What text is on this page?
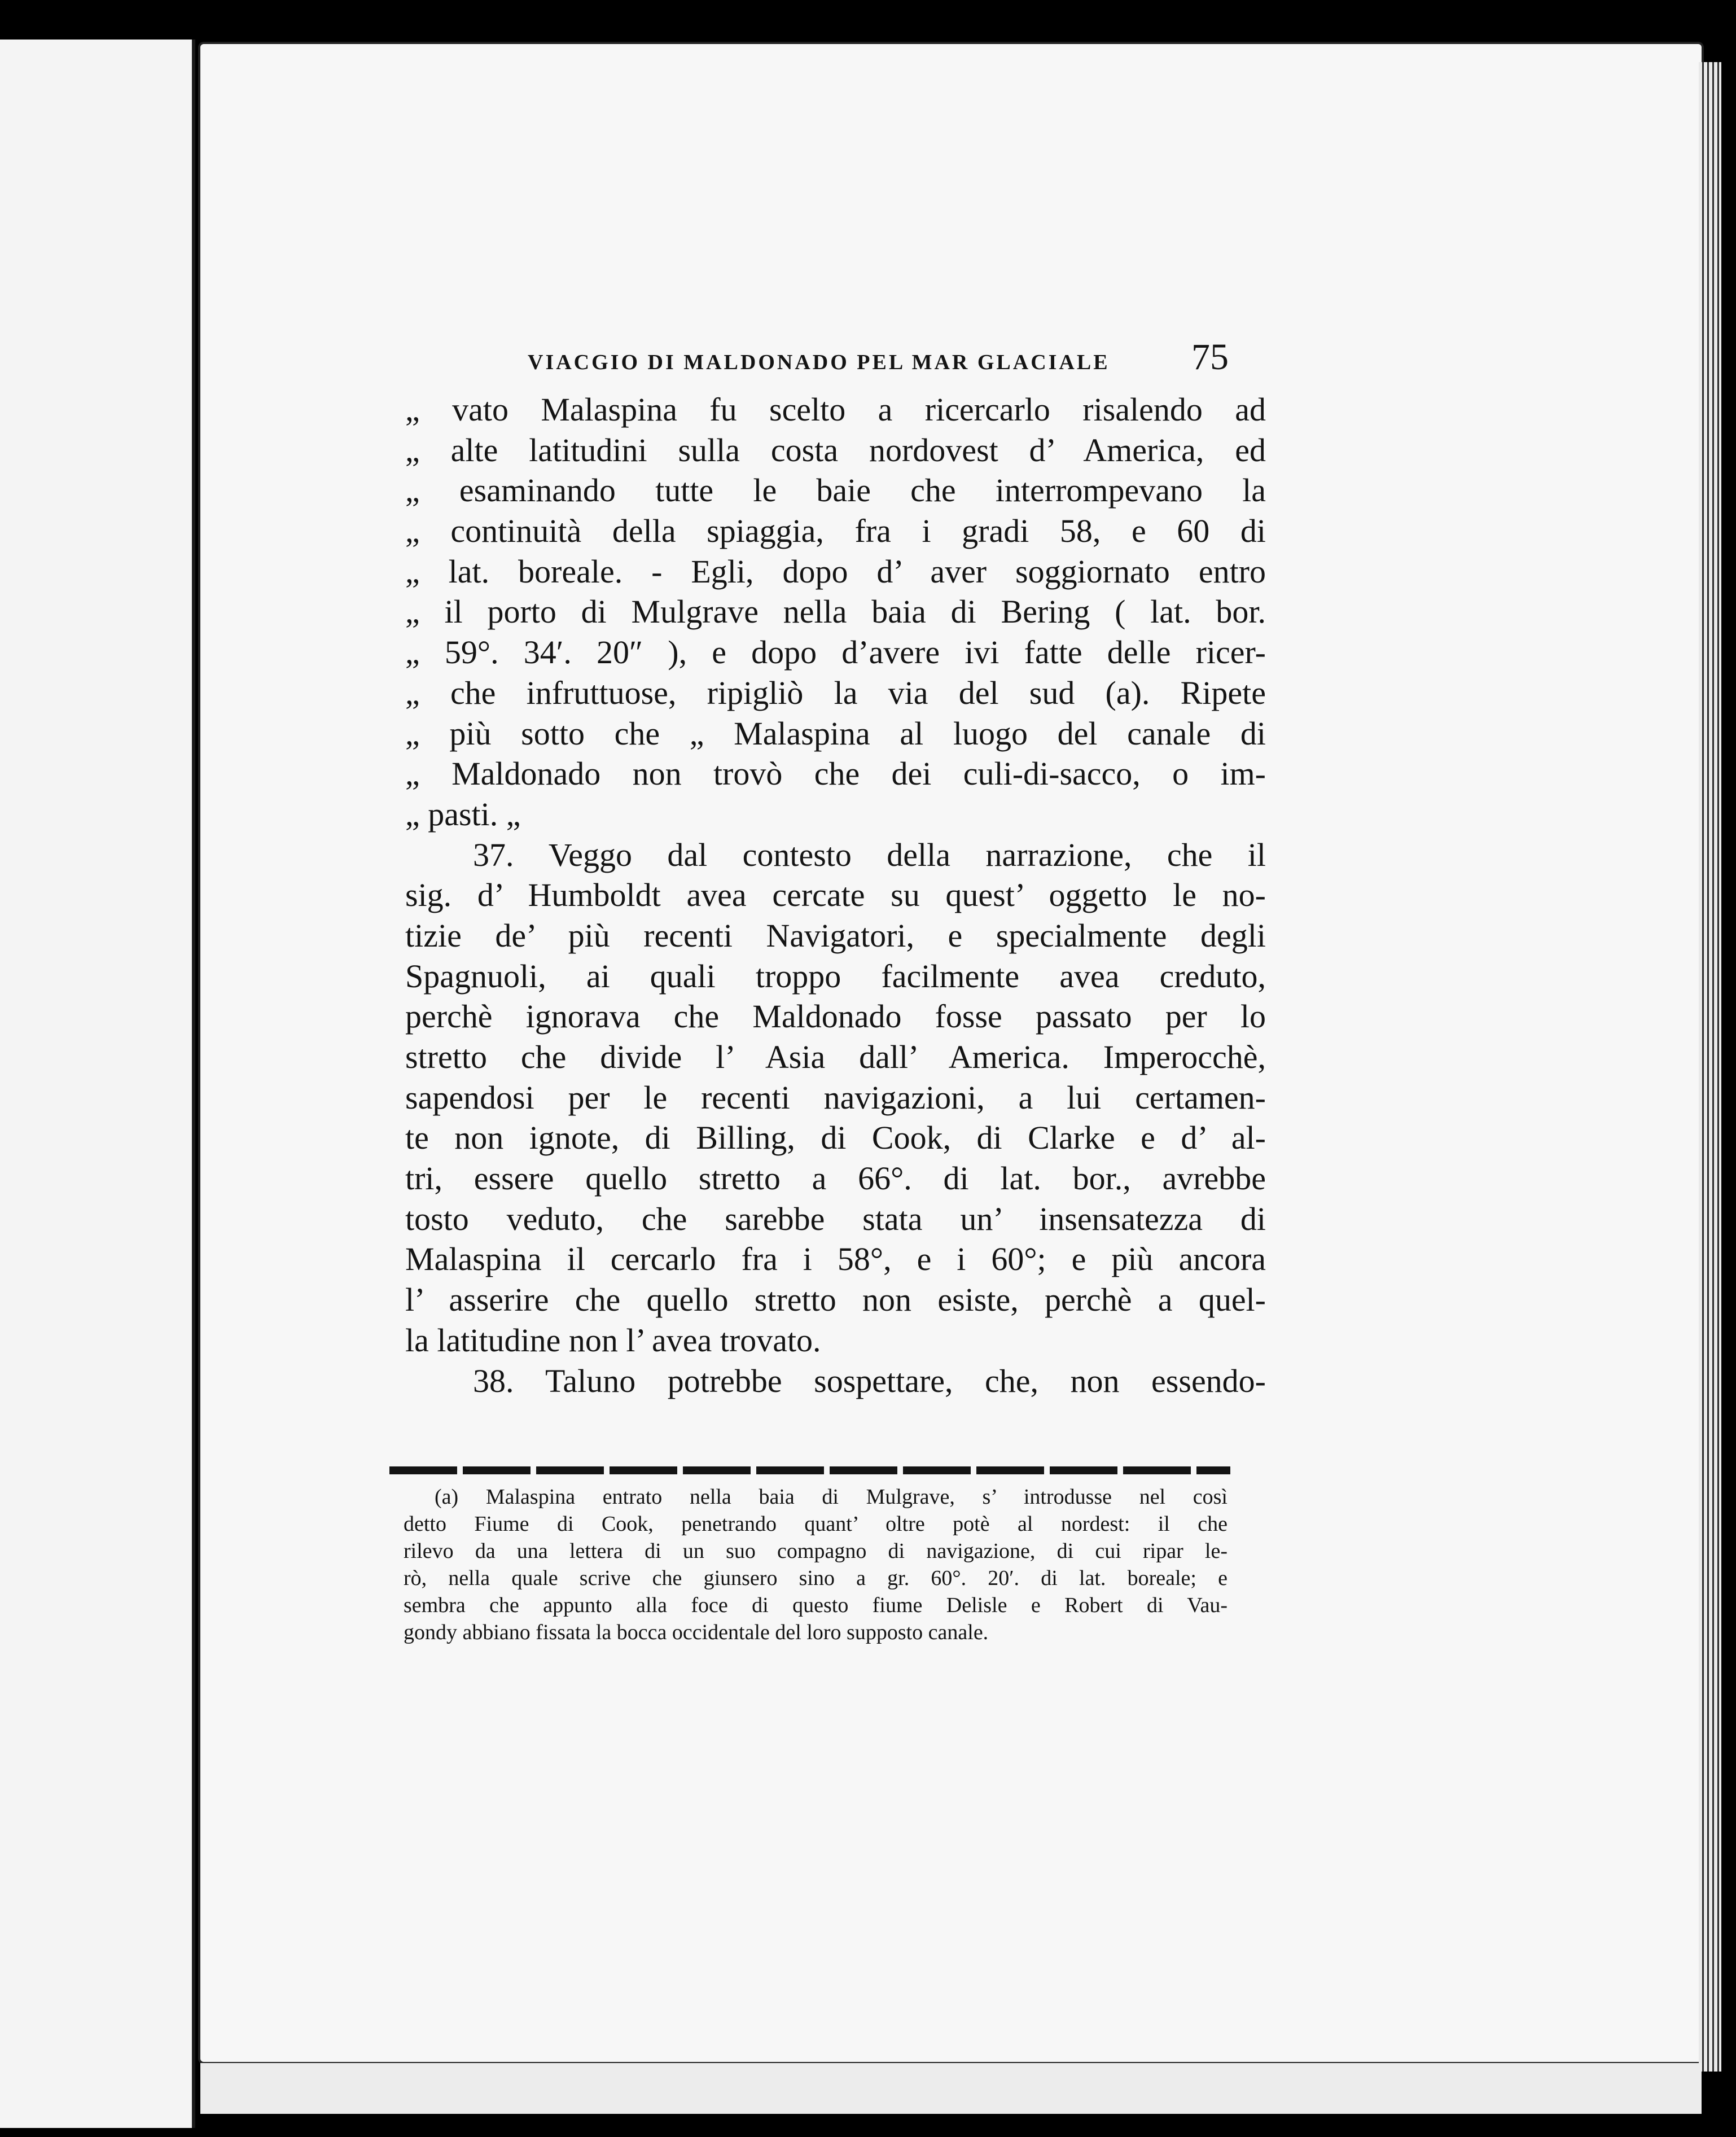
VIACGIO DI MALDONADO PEL MAR GLACIALE 75
„ vato Malaspina fu scelto a ricercarlo risalendo ad
„ alte latitudini sulla costa nordovest d’ America, ed
„ esaminando tutte le baie che interrompevano la
„ continuità della spiaggia, fra i gradi 58, e 60 di
„ lat. boreale. - Egli, dopo d’ aver soggiornato entro
„ il porto di Mulgrave nella baia di Bering ( lat. bor.
„ 59°. 34′. 20″ ), e dopo d’avere ivi fatte delle ricer-
„ che infruttuose, ripigliò la via del sud (a). Ripete
„ più sotto che „ Malaspina al luogo del canale di
„ Maldonado non trovò che dei culi-di-sacco, o im-
„ pasti. „
37. Veggo dal contesto della narrazione, che il
sig. d’ Humboldt avea cercate su quest’ oggetto le no-
tizie de’ più recenti Navigatori, e specialmente degli
Spagnuoli, ai quali troppo facilmente avea creduto,
perchè ignorava che Maldonado fosse passato per lo
stretto che divide l’ Asia dall’ America. Imperocchè,
sapendosi per le recenti navigazioni, a lui certamen-
te non ignote, di Billing, di Cook, di Clarke e d’ al-
tri, essere quello stretto a 66°. di lat. bor., avrebbe
tosto veduto, che sarebbe stata un’ insensatezza di
Malaspina il cercarlo fra i 58°, e i 60°; e più ancora
l’ asserire che quello stretto non esiste, perchè a quel-
la latitudine non l’ avea trovato.
38. Taluno potrebbe sospettare, che, non essendo-
(a) Malaspina entrato nella baia di Mulgrave, s’ introdusse nel così
detto Fiume di Cook, penetrando quant’ oltre potè al nordest: il che
rilevo da una lettera di un suo compagno di navigazione, di cui ripar le-
rò, nella quale scrive che giunsero sino a gr. 60°. 20′. di lat. boreale; e
sembra che appunto alla foce di questo fiume Delisle e Robert di Vau-
gondy abbiano fissata la bocca occidentale del loro supposto canale.
